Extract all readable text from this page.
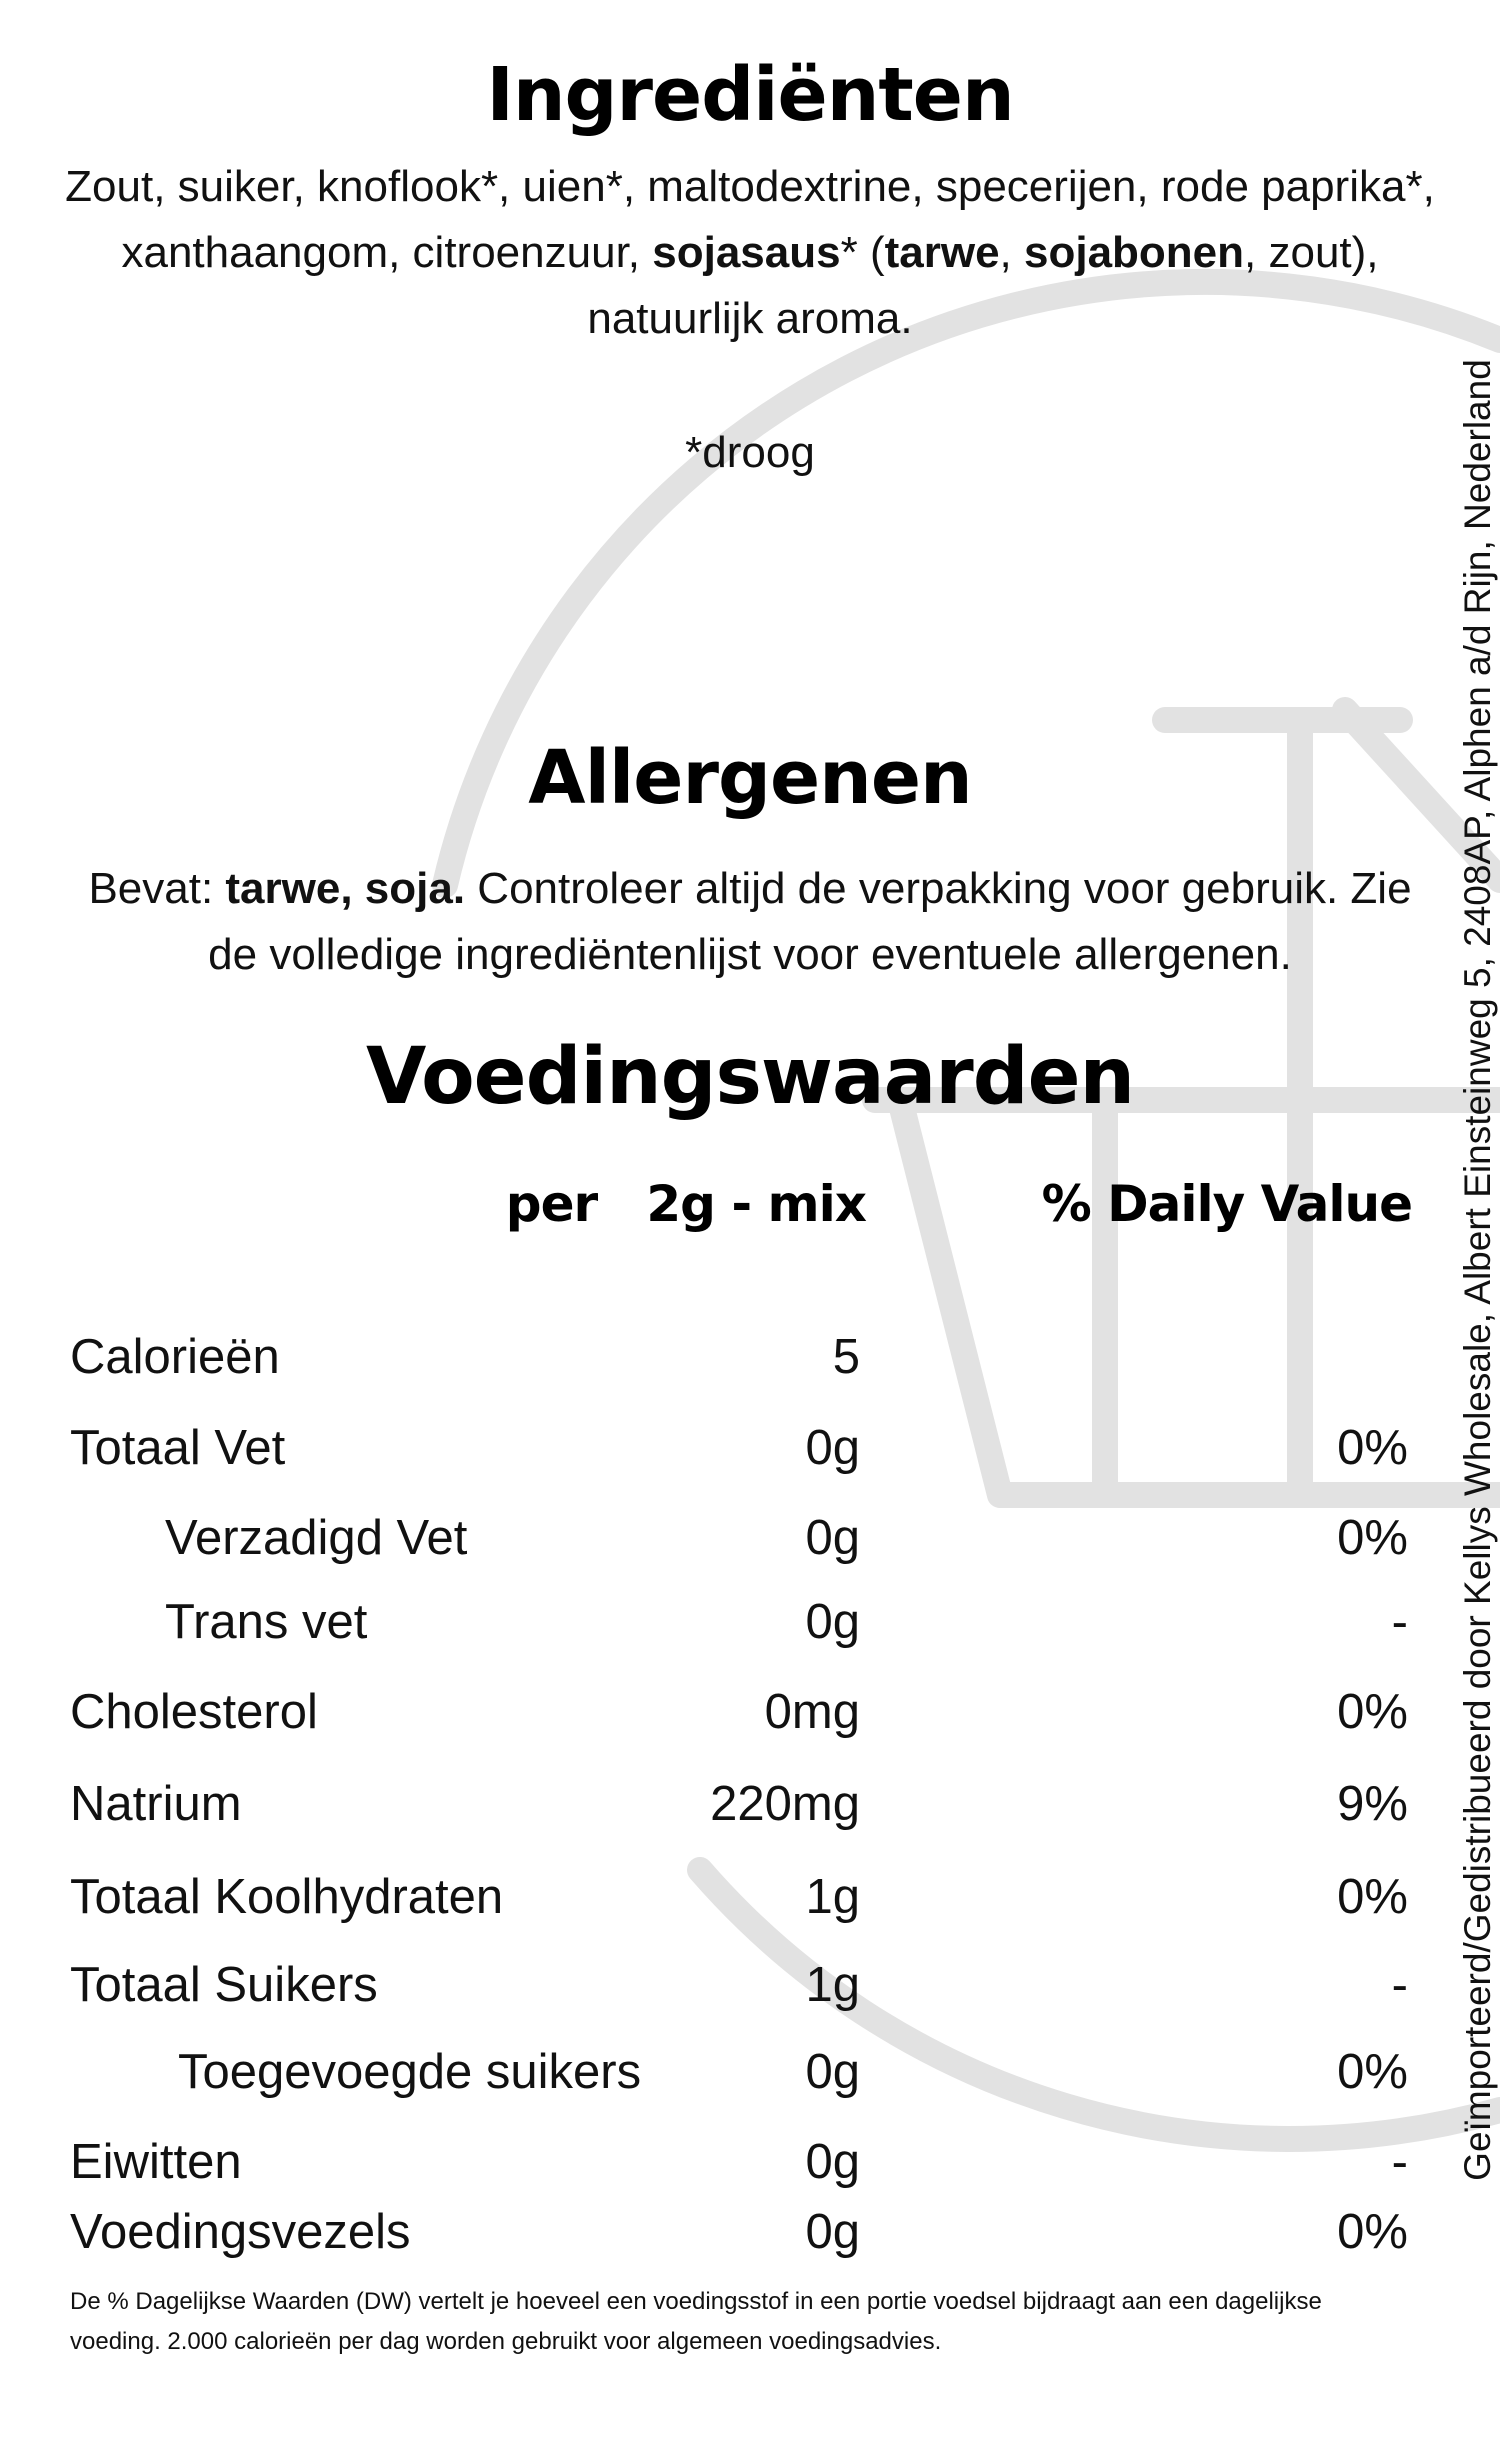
Ingrediënten
Zout, suiker, knoflook*, uien*, maltodextrine, specerijen, rode paprika*, xanthaangom, citroenzuur, sojasaus* (tarwe, sojabonen, zout), natuurlijk aroma.
*droog
Allergenen
Bevat: tarwe, soja. Controleer altijd de verpakking voor gebruik. Zie de volledige ingrediëntenlijst voor eventuele allergenen.
Voedingswaarden
per   2g - mix	% Daily Value
Calorieën	5
Totaal Vet	0g	0%
Verzadigd Vet	0g	0%
Trans vet	0g	-
Cholesterol	0mg	0%
Natrium	220mg	9%
Totaal Koolhydraten	1g	0%
Totaal Suikers	1g	-
Toegevoegde suikers	0g	0%
Eiwitten	0g	-
Voedingsvezels	0g	0%
De % Dagelijkse Waarden (DW) vertelt je hoeveel een voedingsstof in een portie voedsel bijdraagt aan een dagelijkse voeding. 2.000 calorieën per dag worden gebruikt voor algemeen voedingsadvies.
Geïmporteerd/Gedistribueerd door Kellys Wholesale, Albert Einsteinweg 5, 2408AP, Alphen a/d Rijn, Nederland
